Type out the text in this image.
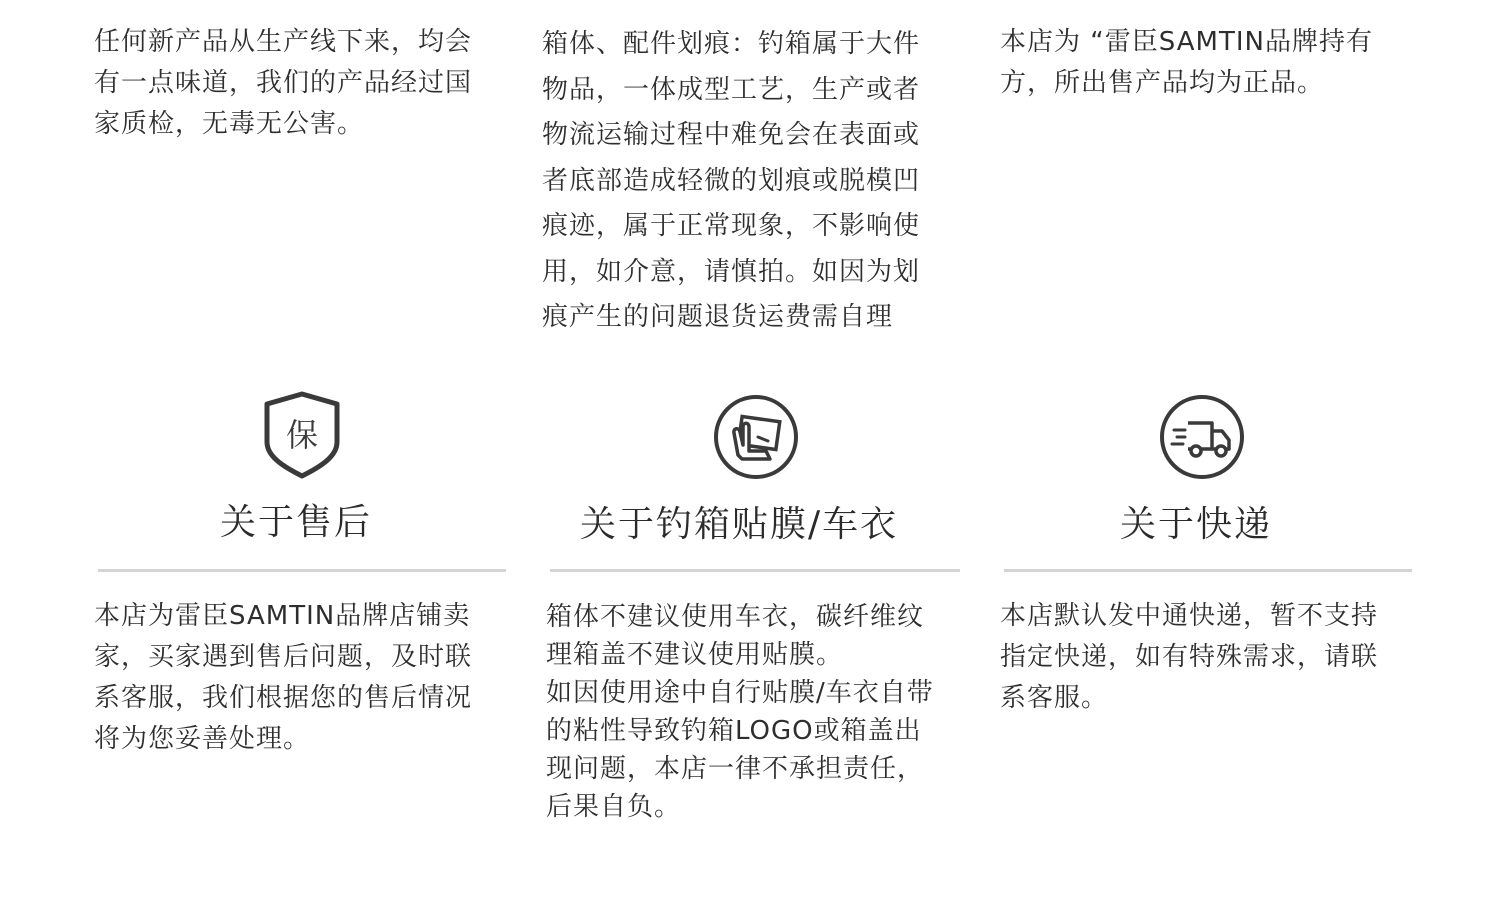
任何新产品从生产线下来，均会
有一点味道，我们的产品经过国
家质检，无毒无公害。
箱体、配件划痕：钓箱属于大件
物品，一体成型工艺，生产或者
物流运输过程中难免会在表面或
者底部造成轻微的划痕或脱模凹
痕迹，属于正常现象，不影响使
用，如介意，请慎拍。如因为划
痕产生的问题退货运费需自理
本店为 “雷臣SAMTIN品牌持有
方，所出售产品均为正品。
保
关于售后
本店为雷臣SAMTIN品牌店铺卖
家，买家遇到售后问题，及时联
系客服，我们根据您的售后情况
将为您妥善处理。
关于钓箱贴膜/车衣
箱体不建议使用车衣，碳纤维纹
理箱盖不建议使用贴膜。
如因使用途中自行贴膜/车衣自带
的粘性导致钓箱LOGO或箱盖出
现问题，本店一律不承担责任，
后果自负。
关于快递
本店默认发中通快递，暂不支持
指定快递，如有特殊需求，请联
系客服。
